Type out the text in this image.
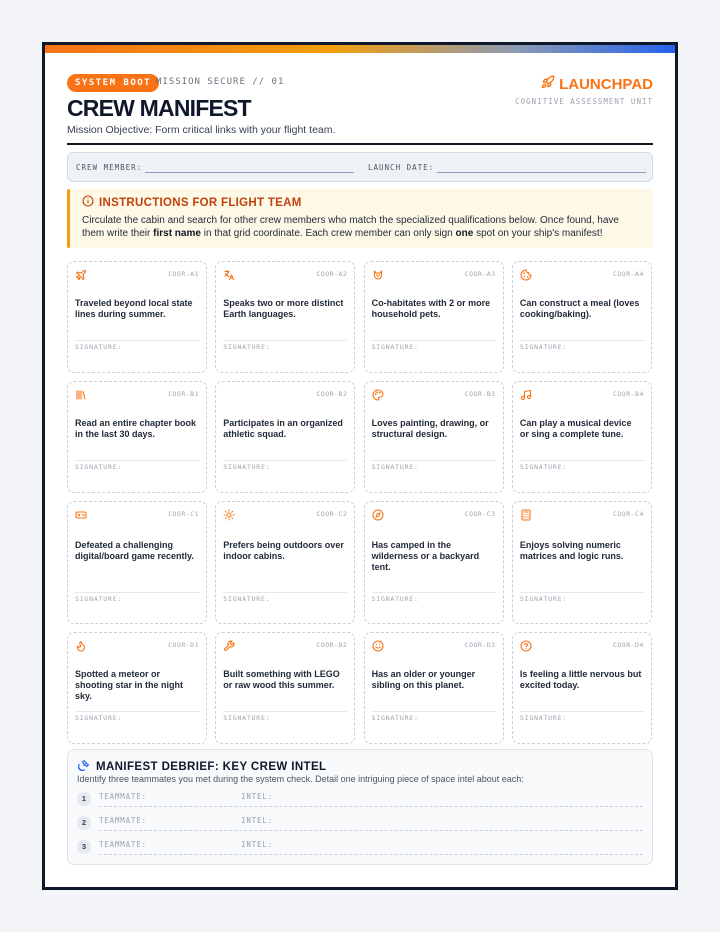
SYSTEM BOOT MISSION SECURE // 01
CREW MANIFEST
Mission Objective: Form critical links with your flight team.
LAUNCHPAD
COGNITIVE ASSESSMENT UNIT
CREW MEMBER:	LAUNCH DATE:
INSTRUCTIONS FOR FLIGHT TEAM
Circulate the cabin and search for other crew members who match the specialized qualifications below. Once found, have them write their first name in that grid coordinate. Each crew member can only sign one spot on your ship's manifest!
COOR-A1
Traveled beyond local state lines during summer.
SIGNATURE:
COOR-A2
Speaks two or more distinct Earth languages.
SIGNATURE:
COOR-A3
Co-habitates with 2 or more household pets.
SIGNATURE:
COOR-A4
Can construct a meal (loves cooking/baking).
SIGNATURE:
COOR-B1
Read an entire chapter book in the last 30 days.
SIGNATURE:
COOR-B2
Participates in an organized athletic squad.
SIGNATURE:
COOR-B3
Loves painting, drawing, or structural design.
SIGNATURE:
COOR-B4
Can play a musical device or sing a complete tune.
SIGNATURE:
COOR-C1
Defeated a challenging digital/board game recently.
SIGNATURE:
COOR-C2
Prefers being outdoors over indoor cabins.
SIGNATURE:
COOR-C3
Has camped in the wilderness or a backyard tent.
SIGNATURE:
COOR-C4
Enjoys solving numeric matrices and logic runs.
SIGNATURE:
COOR-D1
Spotted a meteor or shooting star in the night sky.
SIGNATURE:
COOR-D2
Built something with LEGO or raw wood this summer.
SIGNATURE:
COOR-D3
Has an older or younger sibling on this planet.
SIGNATURE:
COOR-D4
Is feeling a little nervous but excited today.
SIGNATURE:
MANIFEST DEBRIEF: KEY CREW INTEL
Identify three teammates you met during the system check. Detail one intriguing piece of space intel about each:
1	TEAMMATE:	INTEL:
2	TEAMMATE:	INTEL:
3	TEAMMATE:	INTEL:
